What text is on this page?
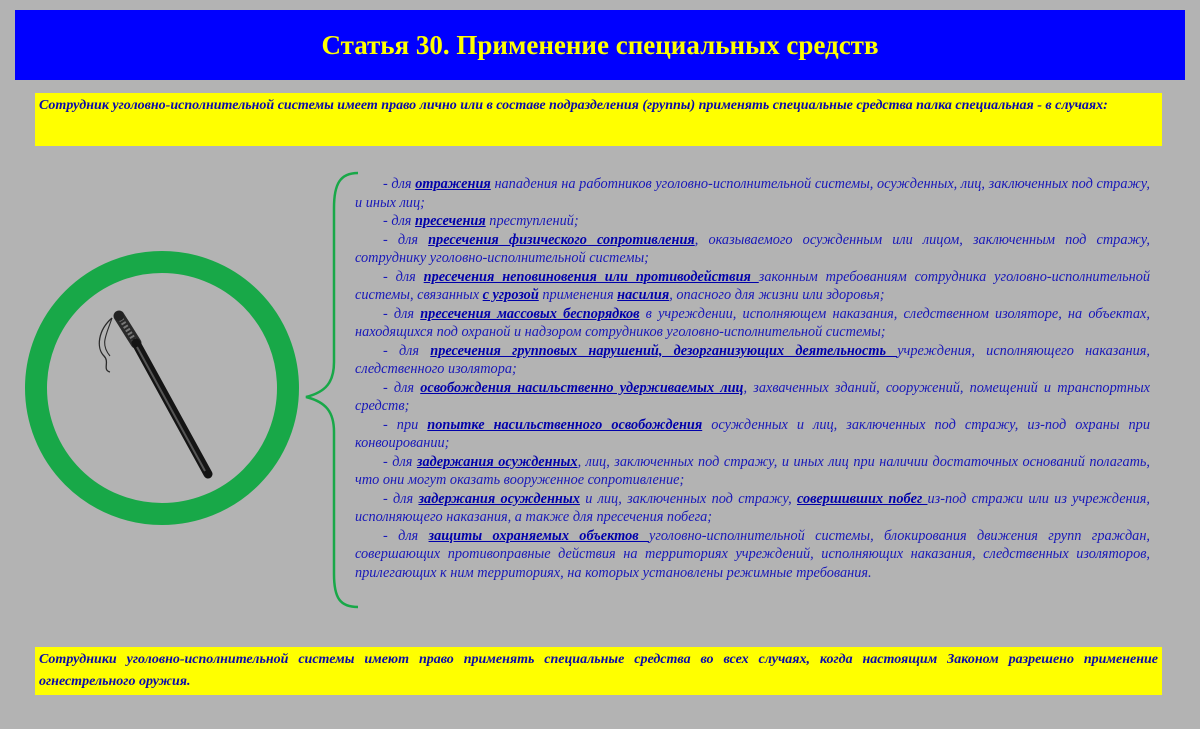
Статья 30. Применение специальных средств
Сотрудник уголовно-исполнительной системы имеет право лично или в составе подразделения (группы) применять специальные средства палка специальная - в случаях:
- для отражения нападения на работников уголовно-исполнительной системы, осужденных, лиц, заключенных под стражу, и иных лиц;
- для пресечения преступлений;
- для пресечения физического сопротивления, оказываемого осужденным или лицом, заключенным под стражу, сотруднику уголовно-исполнительной системы;
- для пресечения неповиновения или противодействия законным требованиям сотрудника уголовно-исполнительной системы, связанных с угрозой применения насилия, опасного для жизни или здоровья;
- для пресечения массовых беспорядков в учреждении, исполняющем наказания, следственном изоляторе, на объектах, находящихся под охраной и надзором сотрудников уголовно-исполнительной системы;
- для пресечения групповых нарушений, дезорганизующих деятельность учреждения, исполняющего наказания, следственного изолятора;
- для освобождения насильственно удерживаемых лиц, захваченных зданий, сооружений, помещений и транспортных средств;
- при попытке насильственного освобождения осужденных и лиц, заключенных под стражу, из-под охраны при конвоировании;
- для задержания осужденных, лиц, заключенных под стражу, и иных лиц при наличии достаточных оснований полагать, что они могут оказать вооруженное сопротивление;
- для задержания осужденных и лиц, заключенных под стражу, совершивших побег из-под стражи или из учреждения, исполняющего наказания, а также для пресечения побега;
- для защиты охраняемых объектов уголовно-исполнительной системы, блокирования движения групп граждан, совершающих противоправные действия на территориях учреждений, исполняющих наказания, следственных изоляторов, прилегающих к ним территориях, на которых установлены режимные требования.
Сотрудники уголовно-исполнительной системы имеют право применять специальные средства во всех случаях, когда настоящим Законом разрешено применение огнестрельного оружия.
